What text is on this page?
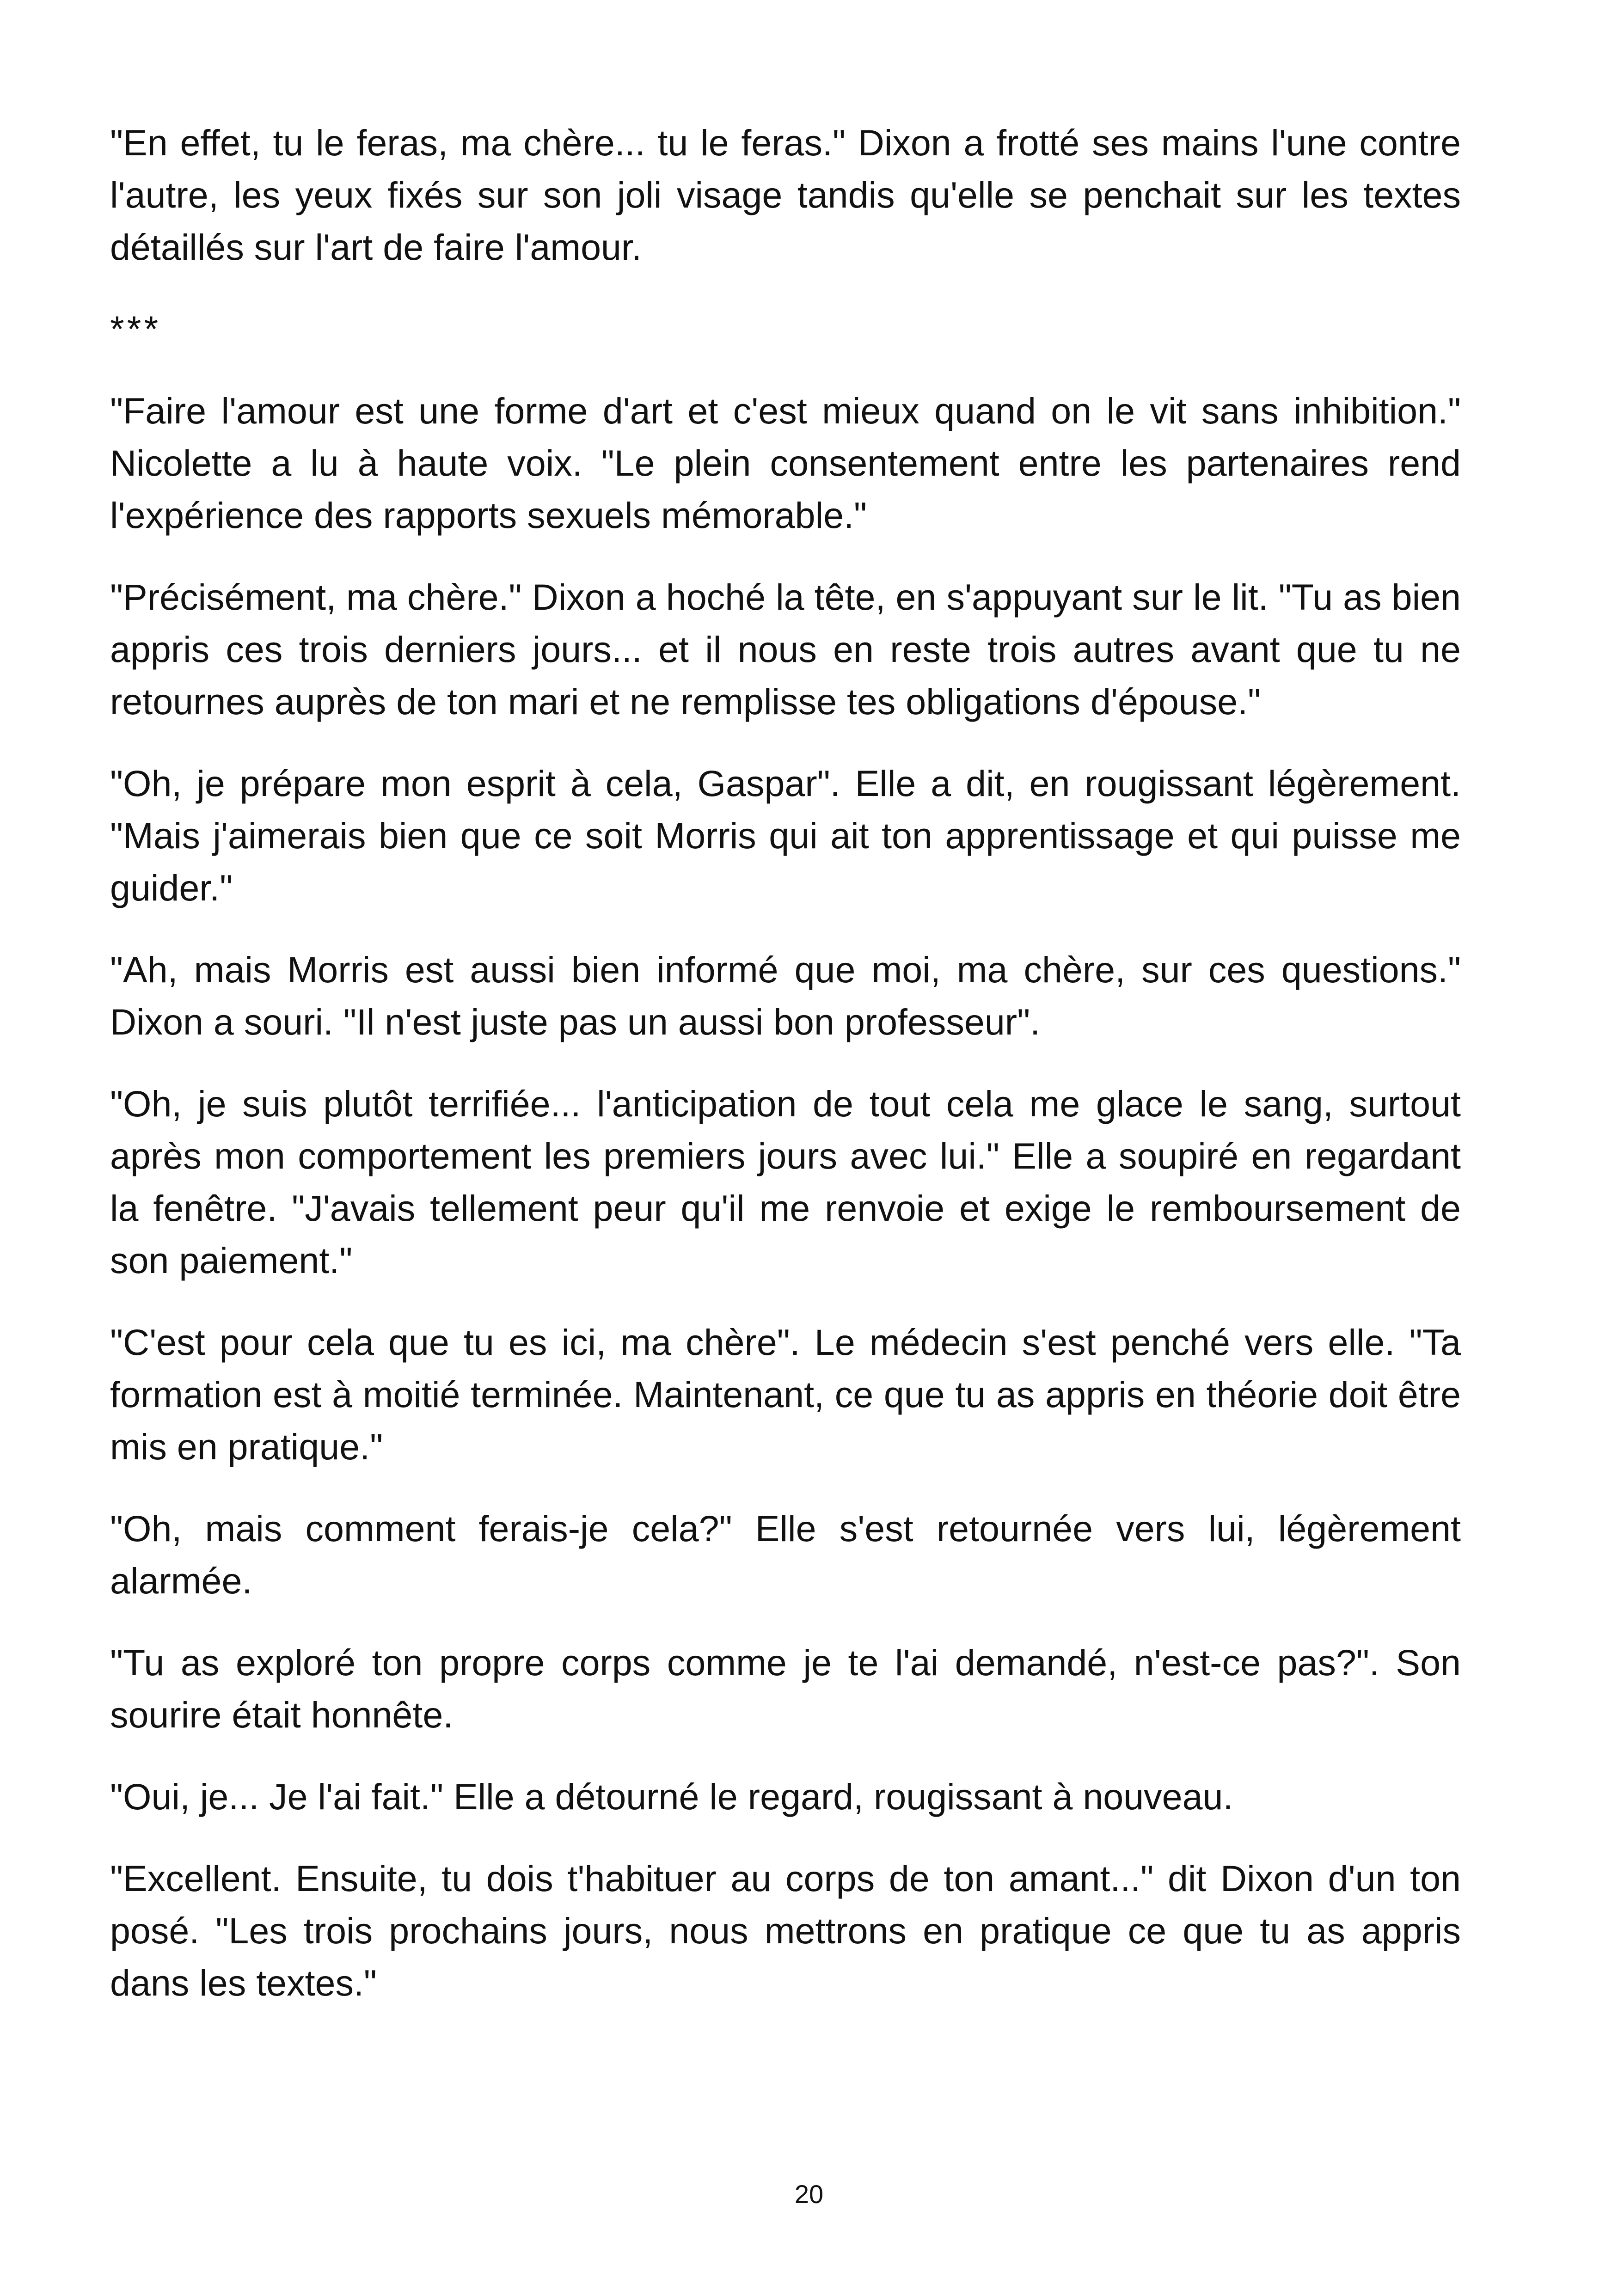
"En effet, tu le feras, ma chère... tu le feras." Dixon a frotté ses mains l'une contre l'autre, les yeux fixés sur son joli visage tandis qu'elle se penchait sur les textes détaillés sur l'art de faire l'amour.

***

"Faire l'amour est une forme d'art et c'est mieux quand on le vit sans inhibition." Nicolette a lu à haute voix. "Le plein consentement entre les partenaires rend l'expérience des rapports sexuels mémorable."

"Précisément, ma chère." Dixon a hoché la tête, en s'appuyant sur le lit. "Tu as bien appris ces trois derniers jours... et il nous en reste trois autres avant que tu ne retournes auprès de ton mari et ne remplisse tes obligations d'épouse."

"Oh, je prépare mon esprit à cela, Gaspar". Elle a dit, en rougissant légèrement. "Mais j'aimerais bien que ce soit Morris qui ait ton apprentissage et qui puisse me guider."

"Ah, mais Morris est aussi bien informé que moi, ma chère, sur ces questions." Dixon a souri. "Il n'est juste pas un aussi bon professeur".

"Oh, je suis plutôt terrifiée... l'anticipation de tout cela me glace le sang, surtout après mon comportement les premiers jours avec lui." Elle a soupiré en regardant la fenêtre. "J'avais tellement peur qu'il me renvoie et exige le remboursement de son paiement."

"C'est pour cela que tu es ici, ma chère". Le médecin s'est penché vers elle. "Ta formation est à moitié terminée. Maintenant, ce que tu as appris en théorie doit être mis en pratique."

"Oh, mais comment ferais-je cela?" Elle s'est retournée vers lui, légèrement alarmée.

"Tu as exploré ton propre corps comme je te l'ai demandé, n'est-ce pas?". Son sourire était honnête.

"Oui, je... Je l'ai fait." Elle a détourné le regard, rougissant à nouveau.

"Excellent. Ensuite, tu dois t'habituer au corps de ton amant..." dit Dixon d'un ton posé. "Les trois prochains jours, nous mettrons en pratique ce que tu as appris dans les textes."

20
